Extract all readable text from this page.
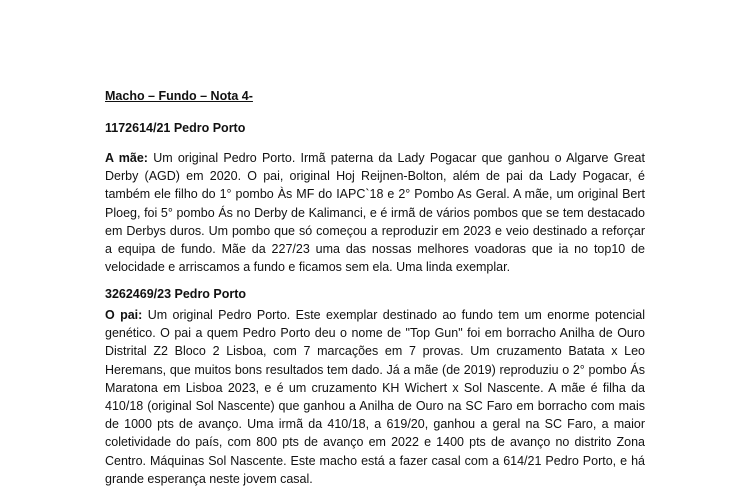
Macho – Fundo – Nota 4-
1172614/21 Pedro Porto
A mãe: Um original Pedro Porto. Irmã paterna da Lady Pogacar que ganhou o Algarve Great Derby (AGD) em 2020. O pai, original Hoj Reijnen-Bolton, além de pai da Lady Pogacar, é também ele filho do 1° pombo Às MF do IAPC`18 e 2° Pombo As Geral. A mãe, um original Bert Ploeg, foi 5° pombo Ás no Derby de Kalimanci, e é irmã de vários pombos que se tem destacado em Derbys duros. Um pombo que só começou a reproduzir em 2023 e veio destinado a reforçar a equipa de fundo. Mãe da 227/23 uma das nossas melhores voadoras que ia no top10 de velocidade e arriscamos a fundo e ficamos sem ela. Uma linda exemplar.
3262469/23 Pedro Porto
O pai: Um original Pedro Porto. Este exemplar destinado ao fundo tem um enorme potencial genético. O pai a quem Pedro Porto deu o nome de "Top Gun" foi em borracho Anilha de Ouro Distrital Z2 Bloco 2 Lisboa, com 7 marcações em 7 provas. Um cruzamento Batata x Leo Heremans, que muitos bons resultados tem dado. Já a mãe (de 2019) reproduziu o 2° pombo Ás Maratona em Lisboa 2023, e é um cruzamento KH Wichert x Sol Nascente. A mãe é filha da 410/18 (original Sol Nascente) que ganhou a Anilha de Ouro na SC Faro em borracho com mais de 1000 pts de avanço. Uma irmã da 410/18, a 619/20, ganhou a geral na SC Faro, a maior coletividade do país, com 800 pts de avanço em 2022 e 1400 pts de avanço no distrito Zona Centro. Máquinas Sol Nascente. Este macho está a fazer casal com a 614/21 Pedro Porto, e há grande esperança neste jovem casal.
